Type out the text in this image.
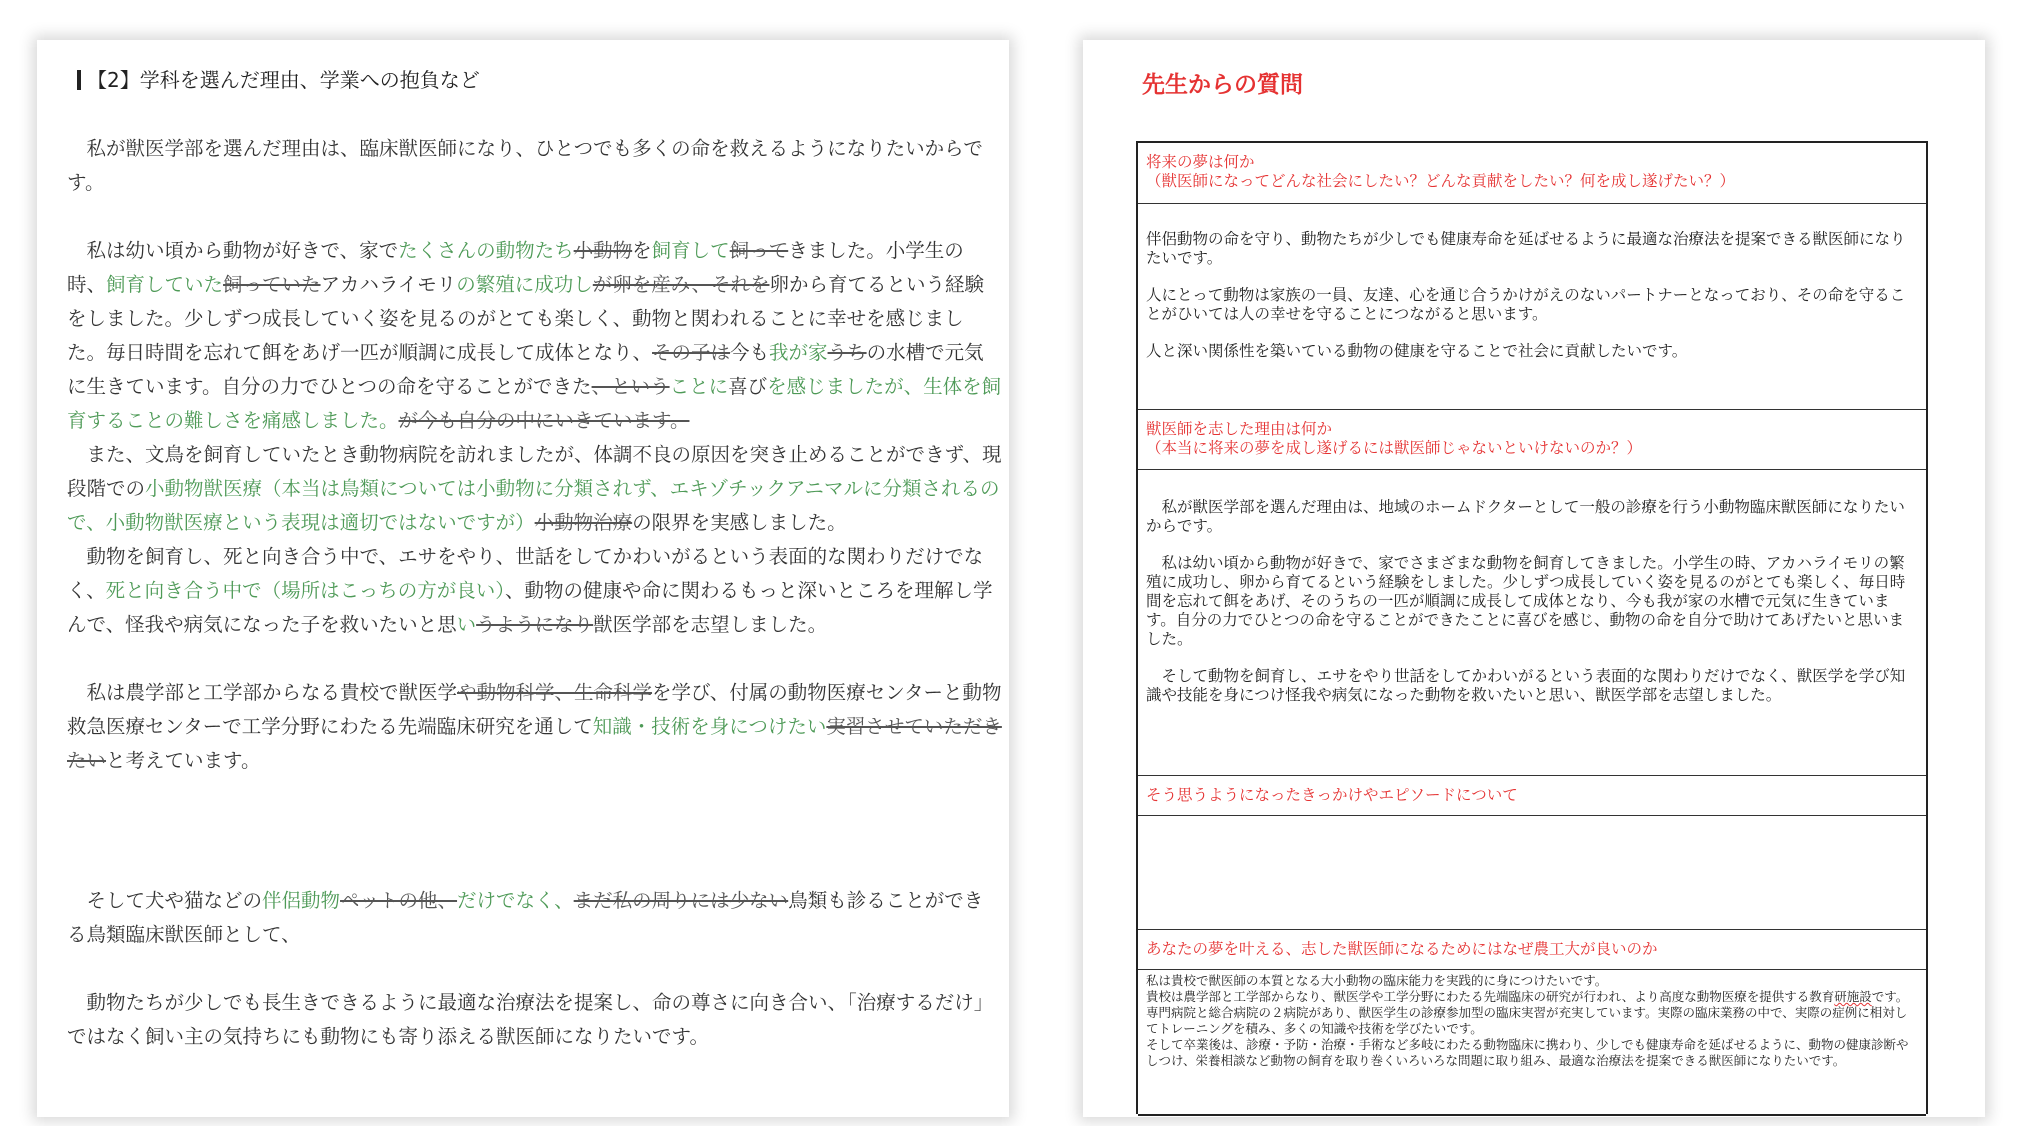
【2】学科を選んだ理由、学業への抱負など

私が獣医学部を選んだ理由は、臨床獣医師になり、ひとつでも多くの命を救えるようになりたいからです。

私は幼い頃から動物が好きで、家でたくさんの動物たち小動物を飼育して飼ってきました。小学生の時、飼育していた飼っていたアカハライモリの繁殖に成功しが卵を産み、それを卵から育てるという経験をしました。少しずつ成長していく姿を見るのがとても楽しく、動物と関われることに幸せを感じました。毎日時間を忘れて餌をあげ一匹が順調に成長して成体となり、その子は今も我が家うちの水槽で元気に生きています。自分の力でひとつの命を守ることができた、ということに喜びを感じましたが、生体を飼育することの難しさを痛感しました。が今も自分の中にいきています。

また、文鳥を飼育していたとき動物病院を訪れましたが、体調不良の原因を突き止めることができず、現段階での小動物獣医療（本当は鳥類については小動物に分類されず、エキゾチックアニマルに分類されるので、小動物獣医療という表現は適切ではないですが）小動物治療の限界を実感しました。

動物を飼育し、死と向き合う中で、エサをやり、世話をしてかわいがるという表面的な関わりだけでなく、死と向き合う中で（場所はこっちの方が良い）、動物の健康や命に関わるもっと深いところを理解し学んで、怪我や病気になった子を救いたいと思いうようになり獣医学部を志望しました。

私は農学部と工学部からなる貴校で獣医学や動物科学、生命科学を学び、付属の動物医療センターと動物救急医療センターで工学分野にわたる先端臨床研究を通して知識・技術を身につけたい実習させていただきたいと考えています。

そして犬や猫などの伴侶動物ペットの他、だけでなく、まだ私の周りには少ない鳥類も診ることができる鳥類臨床獣医師として、

動物たちが少しでも長生きできるように最適な治療法を提案し、命の尊さに向き合い、「治療するだけ」ではなく飼い主の気持ちにも動物にも寄り添える獣医師になりたいです。

先生からの質問
将来の夢は何か
（獣医師になってどんな社会にしたい？どんな貢献をしたい？何を成し遂げたい？）

伴侶動物の命を守り、動物たちが少しでも健康寿命を延ばせるように最適な治療法を提案できる獣医師になりたいです。

人にとって動物は家族の一員、友達、心を通じ合うかけがえのないパートナーとなっており、その命を守ることがひいては人の幸せを守ることにつながると思います。

人と深い関係性を築いている動物の健康を守ることで社会に貢献したいです。

獣医師を志した理由は何か
（本当に将来の夢を成し遂げるには獣医師じゃないといけないのか？）

私が獣医学部を選んだ理由は、地域のホームドクターとして一般の診療を行う小動物臨床獣医師になりたいからです。

私は幼い頃から動物が好きで、家でさまざまな動物を飼育してきました。小学生の時、アカハライモリの繁殖に成功し、卵から育てるという経験をしました。少しずつ成長していく姿を見るのがとても楽しく、毎日時間を忘れて餌をあげ、そのうちの一匹が順調に成長して成体となり、今も我が家の水槽で元気に生きています。自分の力でひとつの命を守ることができたことに喜びを感じ、動物の命を自分で助けてあげたいと思いました。

そして動物を飼育し、エサをやり世話をしてかわいがるという表面的な関わりだけでなく、獣医学を学び知識や技能を身につけ怪我や病気になった動物を救いたいと思い、獣医学部を志望しました。

そう思うようになったきっかけやエピソードについて
あなたの夢を叶える、志した獣医師になるためにはなぜ農工大が良いのか

私は貴校で獣医師の本質となる大小動物の臨床能力を実践的に身につけたいです。

貴校は農学部と工学部からなり、獣医学や工学分野にわたる先端臨床の研究が行われ、より高度な動物医療を提供する教育研施設です。

専門病院と総合病院の２病院があり、獣医学生の診療参加型の臨床実習が充実しています。実際の臨床業務の中で、実際の症例に相対してトレーニングを積み、多くの知識や技術を学びたいです。

そして卒業後は、診療・予防・治療・手術など多岐にわたる動物臨床に携わり、少しでも健康寿命を延ばせるように、動物の健康診断やしつけ、栄養相談など動物の飼育を取り巻くいろいろな問題に取り組み、最適な治療法を提案できる獣医師になりたいです。
